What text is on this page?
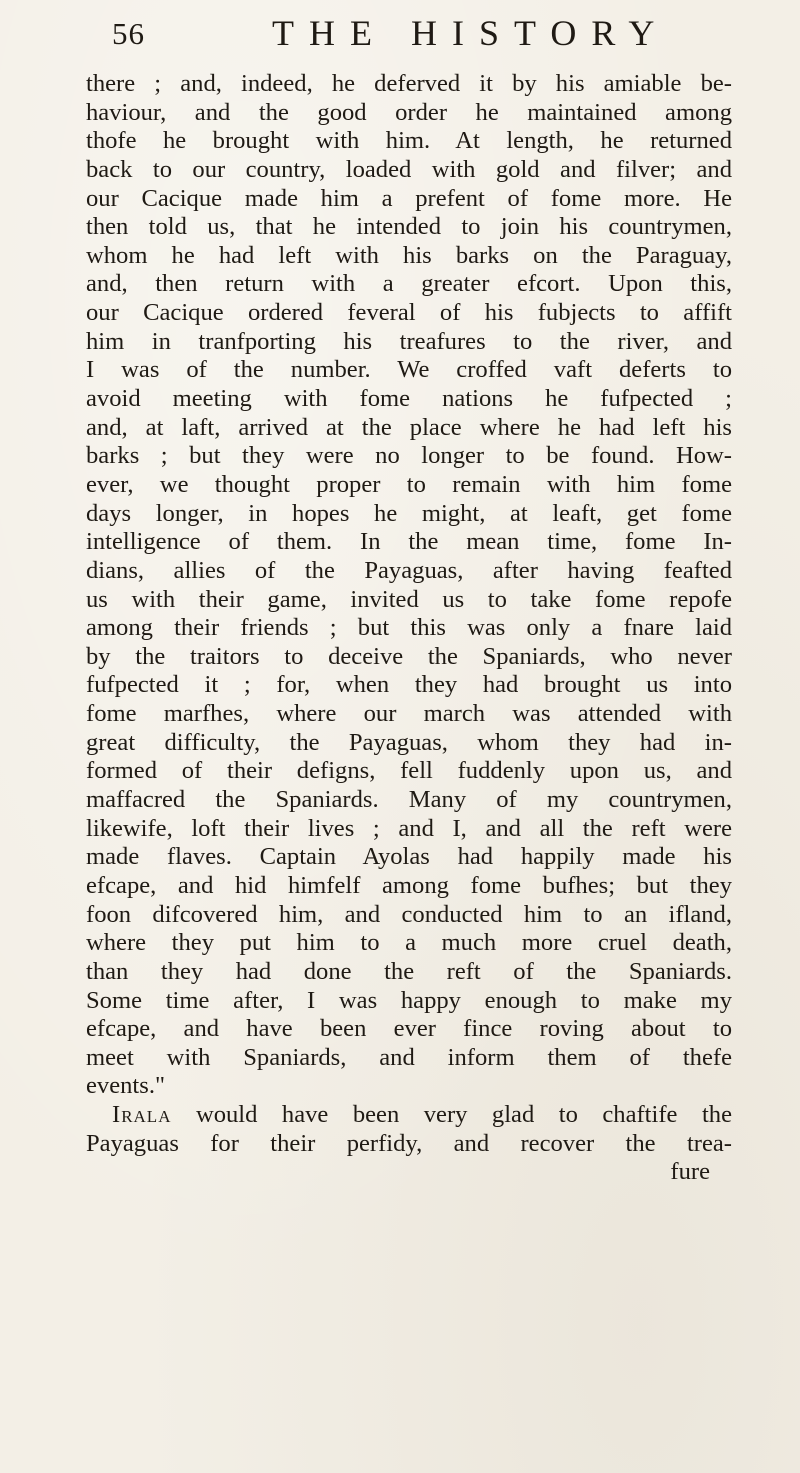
56	THE HISTORY
there ; and, indeed, he deferved it by his amiable be-
haviour, and the good order he maintained among
thofe he brought with him. At length, he returned
back to our country, loaded with gold and filver; and
our Cacique made him a prefent of fome more. He
then told us, that he intended to join his countrymen,
whom he had left with his barks on the Paraguay,
and, then return with a greater efcort. Upon this,
our Cacique ordered feveral of his fubjects to affift
him in tranfporting his treafures to the river, and
I was of the number. We croffed vaft deferts to
avoid meeting with fome nations he fufpected ;
and, at laft, arrived at the place where he had left his
barks ; but they were no longer to be found. How-
ever, we thought proper to remain with him fome
days longer, in hopes he might, at leaft, get fome
intelligence of them. In the mean time, fome In-
dians, allies of the Payaguas, after having feafted
us with their game, invited us to take fome repofe
among their friends ; but this was only a fnare laid
by the traitors to deceive the Spaniards, who never
fufpected it ; for, when they had brought us into
fome marfhes, where our march was attended with
great difficulty, the Payaguas, whom they had in-
formed of their defigns, fell fuddenly upon us, and
maffacred the Spaniards. Many of my countrymen,
likewife, loft their lives ; and I, and all the reft were
made flaves. Captain Ayolas had happily made his
efcape, and hid himfelf among fome bufhes; but they
foon difcovered him, and conducted him to an ifland,
where they put him to a much more cruel death,
than they had done the reft of the Spaniards.
Some time after, I was happy enough to make my
efcape, and have been ever fince roving about to
meet with Spaniards, and inform them of thefe
events."
Irala would have been very glad to chaftife the
Payaguas for their perfidy, and recover the trea-
fure
